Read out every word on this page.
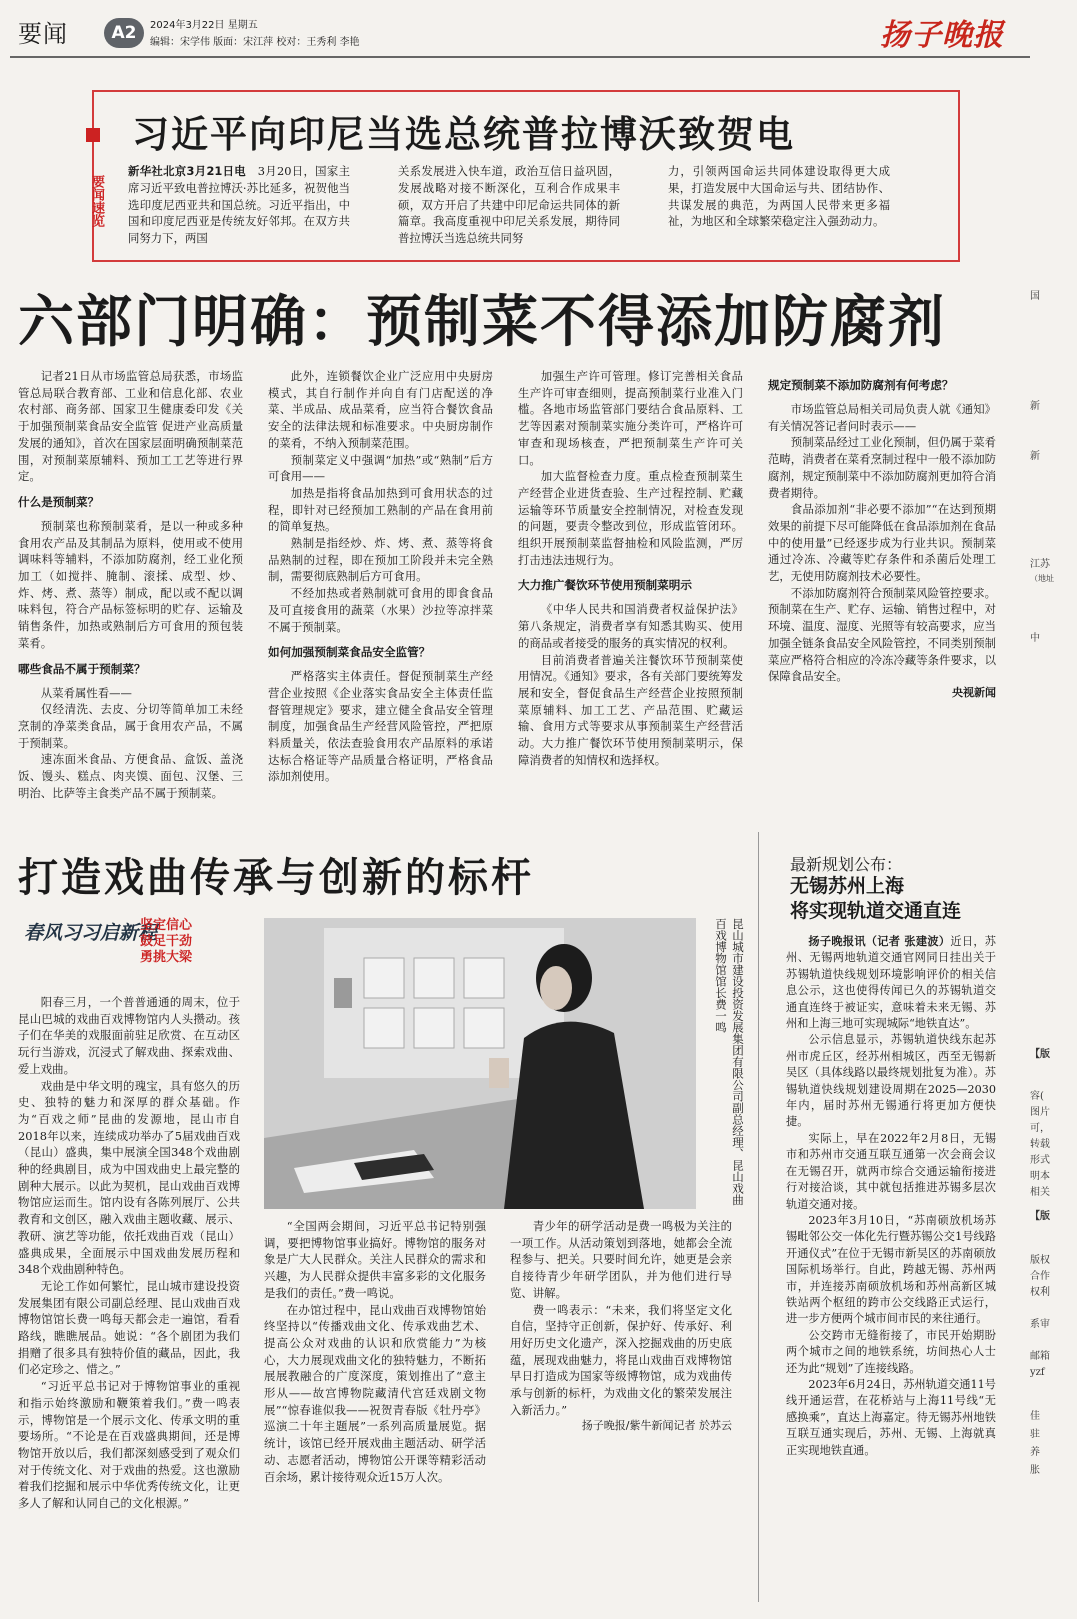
要闻	A2	2024年3月22日 星期五
编辑：宋学伟 版面：宋江萍 校对：王秀利 李艳	扬子晚报
要闻速览
习近平向印尼当选总统普拉博沃致贺电

新华社北京3月21日电　 3月20日，国家主席习近平致电普拉博沃·苏比延多，祝贺他当选印度尼西亚共和国总统。习近平指出，中国和印度尼西亚是传统友好邻邦。在双方共同努力下，两国

关系发展进入快车道，政治互信日益巩固，发展战略对接不断深化，互利合作成果丰硕，双方开启了共建中印尼命运共同体的新篇章。我高度重视中印尼关系发展，期待同普拉博沃当选总统共同努

力，引领两国命运共同体建设取得更大成果，打造发展中大国命运与共、团结协作、共谋发展的典范，为两国人民带来更多福祉，为地区和全球繁荣稳定注入强劲动力。

六部门明确：预制菜不得添加防腐剂

记者21日从市场监管总局获悉，市场监管总局联合教育部、工业和信息化部、农业农村部、商务部、国家卫生健康委印发《关于加强预制菜食品安全监管 促进产业高质量发展的通知》，首次在国家层面明确预制菜范围，对预制菜原辅料、预加工工艺等进行界定。

什么是预制菜？

预制菜也称预制菜肴，是以一种或多种食用农产品及其制品为原料，使用或不使用调味料等辅料，不添加防腐剂，经工业化预加工（如搅拌、腌制、滚揉、成型、炒、炸、烤、煮、蒸等）制成，配以或不配以调味料包，符合产品标签标明的贮存、运输及销售条件，加热或熟制后方可食用的预包装菜肴。

哪些食品不属于预制菜？

从菜肴属性看——

仅经清洗、去皮、分切等简单加工未经烹制的净菜类食品，属于食用农产品，不属于预制菜。

速冻面米食品、方便食品、盒饭、盖浇饭、馒头、糕点、肉夹馍、面包、汉堡、三明治、比萨等主食类产品不属于预制菜。

此外，连锁餐饮企业广泛应用中央厨房模式，其自行制作并向自有门店配送的净菜、半成品、成品菜肴，应当符合餐饮食品安全的法律法规和标准要求。中央厨房制作的菜肴，不纳入预制菜范围。

预制菜定义中强调“加热”或“熟制”后方可食用——

加热是指将食品加热到可食用状态的过程，即针对已经预加工熟制的产品在食用前的简单复热。

熟制是指经炒、炸、烤、煮、蒸等将食品熟制的过程，即在预加工阶段并未完全熟制，需要彻底熟制后方可食用。

不经加热或者熟制就可食用的即食食品及可直接食用的蔬菜（水果）沙拉等凉拌菜不属于预制菜。

如何加强预制菜食品安全监管？

严格落实主体责任。督促预制菜生产经营企业按照《企业落实食品安全主体责任监督管理规定》要求，建立健全食品安全管理制度，加强食品生产经营风险管控，严把原料质量关，依法查验食用农产品原料的承诺达标合格证等产品质量合格证明，严格食品添加剂使用。

加强生产许可管理。修订完善相关食品生产许可审查细则，提高预制菜行业准入门槛。各地市场监管部门要结合食品原料、工艺等因素对预制菜实施分类许可，严格许可审查和现场核查，严把预制菜生产许可关口。

加大监督检查力度。重点检查预制菜生产经营企业进货查验、生产过程控制、贮藏运输等环节质量安全控制情况，对检查发现的问题，要责令整改到位，形成监管闭环。组织开展预制菜监督抽检和风险监测，严厉打击违法违规行为。

大力推广餐饮环节使用预制菜明示

《中华人民共和国消费者权益保护法》第八条规定，消费者享有知悉其购买、使用的商品或者接受的服务的真实情况的权利。

目前消费者普遍关注餐饮环节预制菜使用情况。《通知》要求，各有关部门要统筹发展和安全，督促食品生产经营企业按照预制菜原辅料、加工工艺、产品范围、贮藏运输、食用方式等要求从事预制菜生产经营活动。大力推广餐饮环节使用预制菜明示，保障消费者的知情权和选择权。

规定预制菜不添加防腐剂有何考虑？

市场监管总局相关司局负责人就《通知》有关情况答记者问时表示——

预制菜品经过工业化预制，但仍属于菜肴范畴，消费者在菜肴烹制过程中一般不添加防腐剂，规定预制菜中不添加防腐剂更加符合消费者期待。

食品添加剂“非必要不添加”“在达到预期效果的前提下尽可能降低在食品添加剂在食品中的使用量”已经逐步成为行业共识。预制菜通过冷冻、冷藏等贮存条件和杀菌后处理工艺，无使用防腐剂技术必要性。

不添加防腐剂符合预制菜风险管控要求。预制菜在生产、贮存、运输、销售过程中，对环境、温度、湿度、光照等有较高要求，应当加强全链条食品安全风险管控，不同类别预制菜应严格符合相应的冷冻冷藏等条件要求，以保障食品安全。

央视新闻
打造戏曲传承与创新的标杆
春风习习启新程
坚定信心
鼓足干劲
勇挑大梁	昆山城市建设投资发展集团有限公司副总经理、昆山戏曲百戏博物馆馆长费一鸣

阳春三月，一个普普通通的周末，位于昆山巴城的戏曲百戏博物馆内人头攒动。孩子们在华美的戏服面前驻足欣赏、在互动区玩行当游戏，沉浸式了解戏曲、探索戏曲、爱上戏曲。

戏曲是中华文明的瑰宝，具有悠久的历史、独特的魅力和深厚的群众基础。作为“百戏之师”昆曲的发源地，昆山市自2018年以来，连续成功举办了5届戏曲百戏（昆山）盛典，集中展演全国348个戏曲剧种的经典剧目，成为中国戏曲史上最完整的剧种大展示。以此为契机，昆山戏曲百戏博物馆应运而生。馆内设有各陈列展厅、公共教育和文创区，融入戏曲主题收藏、展示、教研、演艺等功能，依托戏曲百戏（昆山）盛典成果，全面展示中国戏曲发展历程和348个戏曲剧种特色。

无论工作如何繁忙，昆山城市建设投资发展集团有限公司副总经理、昆山戏曲百戏博物馆馆长费一鸣每天都会走一遍馆，看看路线，瞧瞧展品。她说：“各个剧团为我们捐赠了很多具有独特价值的藏品，因此，我们必定珍之、惜之。”

“习近平总书记对于博物馆事业的重视和指示始终激励和鞭策着我们。”费一鸣表示，博物馆是一个展示文化、传承文明的重要场所。“不论是在百戏盛典期间，还是博物馆开放以后，我们都深刻感受到了观众们对于传统文化、对于戏曲的热爱。这也激励着我们挖掘和展示中华优秀传统文化，让更多人了解和认同自己的文化根源。”

“全国两会期间，习近平总书记特别强调，要把博物馆事业搞好。博物馆的服务对象是广大人民群众。关注人民群众的需求和兴趣，为人民群众提供丰富多彩的文化服务是我们的责任。”费一鸣说。

在办馆过程中，昆山戏曲百戏博物馆始终坚持以“传播戏曲文化、传承戏曲艺术、提高公众对戏曲的认识和欣赏能力”为核心，大力展现戏曲文化的独特魅力，不断拓展展教融合的广度深度，策划推出了“意主形从——故宫博物院藏清代宫廷戏剧文物展”“惊春谁似我——祝贺青春版《牡丹亭》巡演二十年主题展”一系列高质量展览。据统计，该馆已经开展戏曲主题活动、研学活动、志愿者活动，博物馆公开课等精彩活动百余场，累计接待观众近15万人次。

青少年的研学活动是费一鸣极为关注的一项工作。从活动策划到落地，她都会全流程参与、把关。只要时间允许，她更是会亲自接待青少年研学团队，并为他们进行导览、讲解。

费一鸣表示：“未来，我们将坚定文化自信，坚持守正创新，保护好、传承好、利用好历史文化遗产，深入挖掘戏曲的历史底蕴，展现戏曲魅力，将昆山戏曲百戏博物馆早日打造成为国家等级博物馆，成为戏曲传承与创新的标杆，为戏曲文化的繁荣发展注入新活力。”

扬子晚报/紫牛新闻记者 於苏云
最新规划公布：
无锡苏州上海
将实现轨道交通直连

扬子晚报讯（记者 张建波）近日，苏州、无锡两地轨道交通官网同日挂出关于苏锡轨道快线规划环境影响评价的相关信息公示，这也使得传闻已久的苏锡轨道交通直连终于被证实，意味着未来无锡、苏州和上海三地可实现城际“地铁直达”。

公示信息显示，苏锡轨道快线东起苏州市虎丘区，经苏州相城区，西至无锡新吴区（具体线路以最终规划批复为准）。苏锡轨道快线规划建设周期在2025—2030年内，届时苏州无锡通行将更加方便快捷。

实际上，早在2022年2月8日，无锡市和苏州市交通互联互通第一次会商会议在无锡召开，就两市综合交通运输衔接进行对接洽谈，其中就包括推进苏锡多层次轨道交通对接。

2023年3月10日，“苏南硕放机场苏锡毗邻公交一体化先行暨苏锡公交1号线路开通仪式”在位于无锡市新吴区的苏南硕放国际机场举行。自此，跨越无锡、苏州两市，并连接苏南硕放机场和苏州高新区城铁站两个枢纽的跨市公交线路正式运行，进一步方便两个城市间市民的来往通行。

公交跨市无缝衔接了，市民开始期盼两个城市之间的地铁系统，坊间热心人士还为此“规划”了连接线路。

2023年6月24日，苏州轨道交通11号线开通运营，在花桥站与上海11号线“无感换乘”，直达上海嘉定。待无锡苏州地铁互联互通实现后，苏州、无锡、上海就真正实现地铁直通。

国
新
新
江苏
（地址
中
【版
容(
图片
可，
转载
形式
明本
相关
【版
版权
合作
权利
系审
邮箱
yzf
佳
驻
养
胀
